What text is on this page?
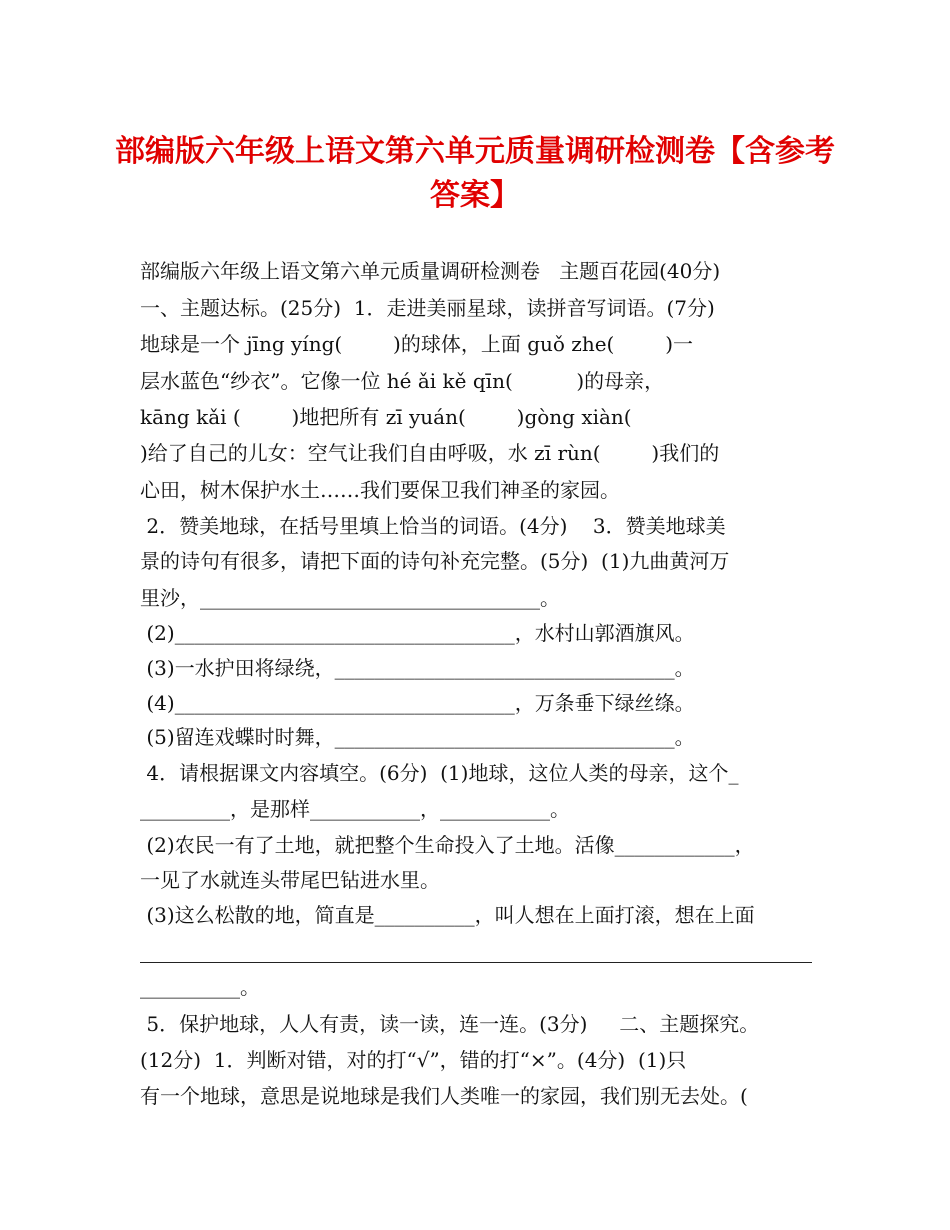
部编版六年级上语文第六单元质量调研检测卷【含参考
答案】

部编版六年级上语文第六单元质量调研检测卷   主题百花园(40分)

一、主题达标。(25分)  1．走进美丽星球，读拼音写词语。(7分)

地球是一个 jīng yíng(        )的球体，上面 guǒ zhe(        )一

层水蓝色“纱衣”。它像一位 hé ǎi kě qīn(          )的母亲，

kāng kǎi (        )地把所有 zī yuán(        )gòng xiàn(

)给了自己的儿女：空气让我们自由呼吸，水 zī rùn(        )我们的

心田，树木保护水土……我们要保卫我们神圣的家园。

2．赞美地球，在括号里填上恰当的词语。(4分)    3．赞美地球美

景的诗句有很多，请把下面的诗句补充完整。(5分)  (1)九曲黄河万

里沙，__________________________________。

(2)__________________________________，水村山郭酒旗风。

(3)一水护田将绿绕，__________________________________。

(4)__________________________________，万条垂下绿丝绦。

(5)留连戏蝶时时舞，__________________________________。

4．请根据课文内容填空。(6分)  (1)地球，这位人类的母亲，这个_

_________，是那样___________，___________。

(2)农民一有了土地，就把整个生命投入了土地。活像____________，

一见了水就连头带尾巴钻进水里。

(3)这么松散的地，简直是__________，叫人想在上面打滚，想在上面

__________。

5．保护地球，人人有责，读一读，连一连。(3分)     二、主题探究。

(12分)  1．判断对错，对的打“√”，错的打“×”。(4分)  (1)只

有一个地球，意思是说地球是我们人类唯一的家园，我们别无去处。(
